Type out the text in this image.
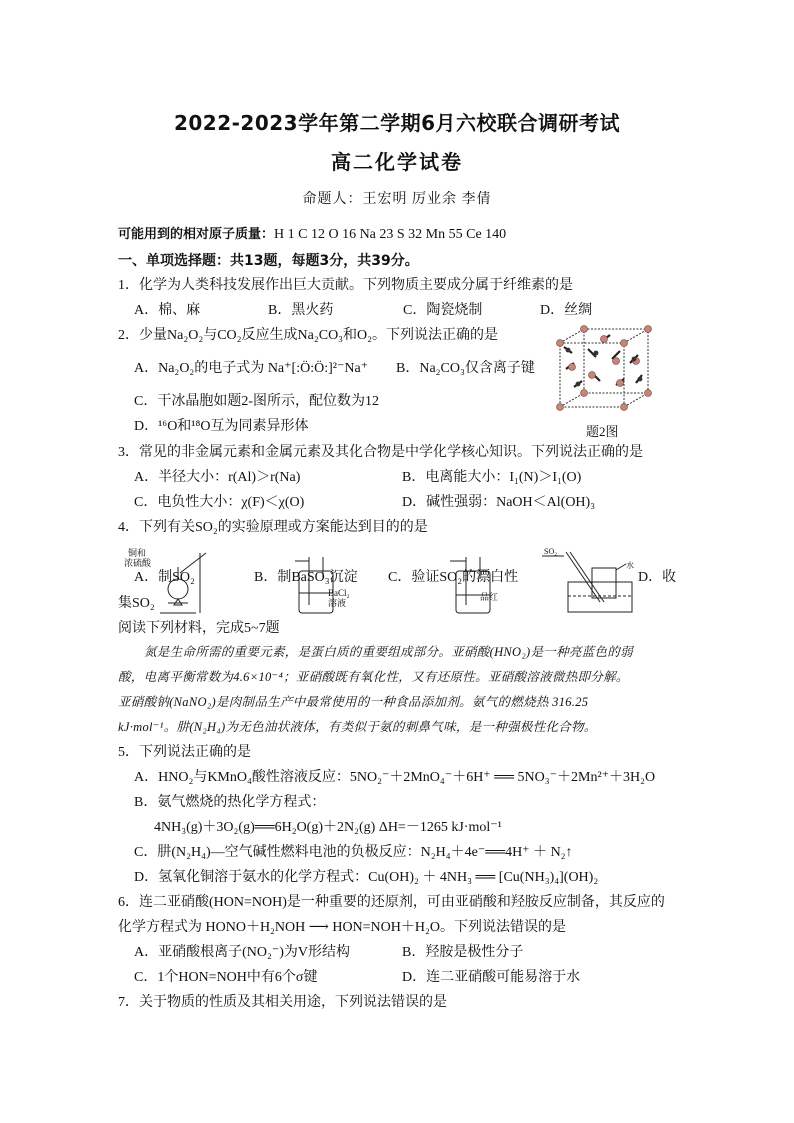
2022-2023学年第二学期6月六校联合调研考试
高二化学试卷
命题人：王宏明 厉业余 李倩
可能用到的相对原子质量：H 1 C 12 O 16 Na 23 S 32 Mn 55 Ce 140
一、单项选择题：共13题，每题3分，共39分。
1．化学为人类科技发展作出巨大贡献。下列物质主要成分属于纤维素的是
A．棉、麻	B．黑火药	C．陶瓷烧制	D．丝绸
2．少量Na₂O₂与CO₂反应生成Na₂CO₃和O₂。下列说法正确的是
A．Na₂O₂的电子式为 Na⁺[:Ö:Ö:]²⁻Na⁺ B．Na₂CO₃仅含离子键
C．干冰晶胞如题2-图所示，配位数为12
D．¹⁶O和¹⁸O互为同素异形体	题2图
3．常见的非金属元素和金属元素及其化合物是中学化学核心知识。下列说法正确的是
A．半径大小：r(Al)＞r(Na)	B．电离能大小：I₁(N)＞I₁(O)
C．电负性大小：χ(F)＜χ(O)	D．碱性强弱：NaOH＜Al(OH)₃
4．下列有关SO₂的实验原理或方案能达到目的的是
铜和
浓硫酸
BaCl₂
溶液
品红
SO₂
水
A．制SO₂	B．制BaSO₃沉淀 C．验证SO₂的漂白性	D．收
集SO₂
阅读下列材料，完成5~7题
氮是生命所需的重要元素，是蛋白质的重要组成部分。亚硝酸(HNO₂)是一种亮蓝色的弱
酸，电离平衡常数为4.6×10⁻⁴；亚硝酸既有氧化性，又有还原性。亚硝酸溶液微热即分解。
亚硝酸钠(NaNO₂)是肉制品生产中最常使用的一种食品添加剂。氨气的燃烧热 316.25
kJ·mol⁻¹。肼(N₂H₄)为无色油状液体，有类似于氨的刺鼻气味，是一种强极性化合物。
5．下列说法正确的是
A．HNO₂与KMnO₄酸性溶液反应：5NO₂⁻＋2MnO₄⁻＋6H⁺ ══ 5NO₃⁻＋2Mn²⁺＋3H₂O
B．氨气燃烧的热化学方程式：
4NH₃(g)＋3O₂(g)══6H₂O(g)＋2N₂(g) ΔH=－1265 kJ·mol⁻¹
C．肼(N₂H₄)—空气碱性燃料电池的负极反应：N₂H₄＋4e⁻══4H⁺ ＋ N₂↑
D．氢氧化铜溶于氨水的化学方程式：Cu(OH)₂ ＋ 4NH₃ ══ [Cu(NH₃)₄](OH)₂
6．连二亚硝酸(HON=NOH)是一种重要的还原剂，可由亚硝酸和羟胺反应制备，其反应的
化学方程式为 HONO＋H₂NOH ⟶ HON=NOH＋H₂O。下列说法错误的是
A．亚硝酸根离子(NO₂⁻)为V形结构	B．羟胺是极性分子
C．1个HON=NOH中有6个σ键	D．连二亚硝酸可能易溶于水
7．关于物质的性质及其相关用途，下列说法错误的是
